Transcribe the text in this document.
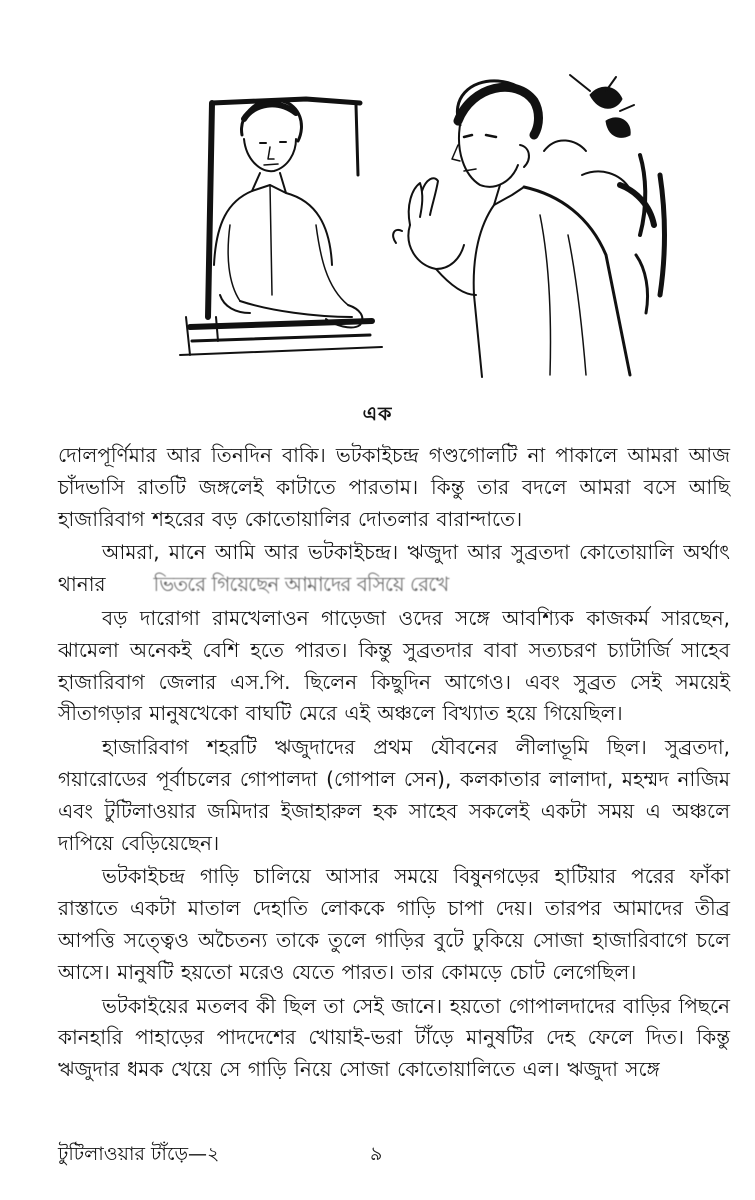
এক

দোলপূর্ণিমার আর তিনদিন বাকি। ভটকাইচন্দ্র গণ্ডগোলটি না পাকালে আমরা আজ চাঁদভাসি রাতটি জঙ্গলেই কাটাতে পারতাম। কিন্তু তার বদলে আমরা বসে আছি হাজারিবাগ শহরের বড় কোতোয়ালির দোতলার বারান্দাতে।

আমরা, মানে আমি আর ভটকাইচন্দ্র। ঋজুদা আর সুব্রতদা কোতোয়ালি অর্থাৎ থানার ভিতরে গিয়েছেন আমাদের বসিয়ে রেখে

বড় দারোগা রামখেলাওন গাড়েজা ওদের সঙ্গে আবশ্যিক কাজকর্ম সারছেন, ঝামেলা অনেকই বেশি হতে পারত। কিন্তু সুব্রতদার বাবা সত্যচরণ চ্যাটার্জি সাহেব হাজারিবাগ জেলার এস.পি. ছিলেন কিছুদিন আগেও। এবং সুব্রত সেই সময়েই সীতাগড়ার মানুষখেকো বাঘটি মেরে এই অঞ্চলে বিখ্যাত হয়ে গিয়েছিল।

হাজারিবাগ শহরটি ঋজুদাদের প্রথম যৌবনের লীলাভূমি ছিল। সুব্রতদা, গয়ারোডের পূর্বাচলের গোপালদা (গোপাল সেন), কলকাতার লালাদা, মহম্মদ নাজিম এবং টুটিলাওয়ার জমিদার ইজাহারুল হক সাহেব সকলেই একটা সময় এ অঞ্চলে দাপিয়ে বেড়িয়েছেন।

ভটকাইচন্দ্র গাড়ি চালিয়ে আসার সময়ে বিষুনগড়ের হাটিয়ার পরের ফাঁকা রাস্তাতে একটা মাতাল দেহাতি লোককে গাড়ি চাপা দেয়। তারপর আমাদের তীব্র আপত্তি সত্ত্বেও অচৈতন্য তাকে তুলে গাড়ির বুটে ঢুকিয়ে সোজা হাজারিবাগে চলে আসে। মানুষটি হয়তো মরেও যেতে পারত। তার কোমড়ে চোট লেগেছিল।

ভটকাইয়ের মতলব কী ছিল তা সেই জানে। হয়তো গোপালদাদের বাড়ির পিছনে কানহারি পাহাড়ের পাদদেশের খোয়াই-ভরা টাঁড়ে মানুষটির দেহ ফেলে দিত। কিন্তু ঋজুদার ধমক খেয়ে সে গাড়ি নিয়ে সোজা কোতোয়ালিতে এল। ঋজুদা সঙ্গে

টুটিলাওয়ার টাঁড়ে—২	৯
